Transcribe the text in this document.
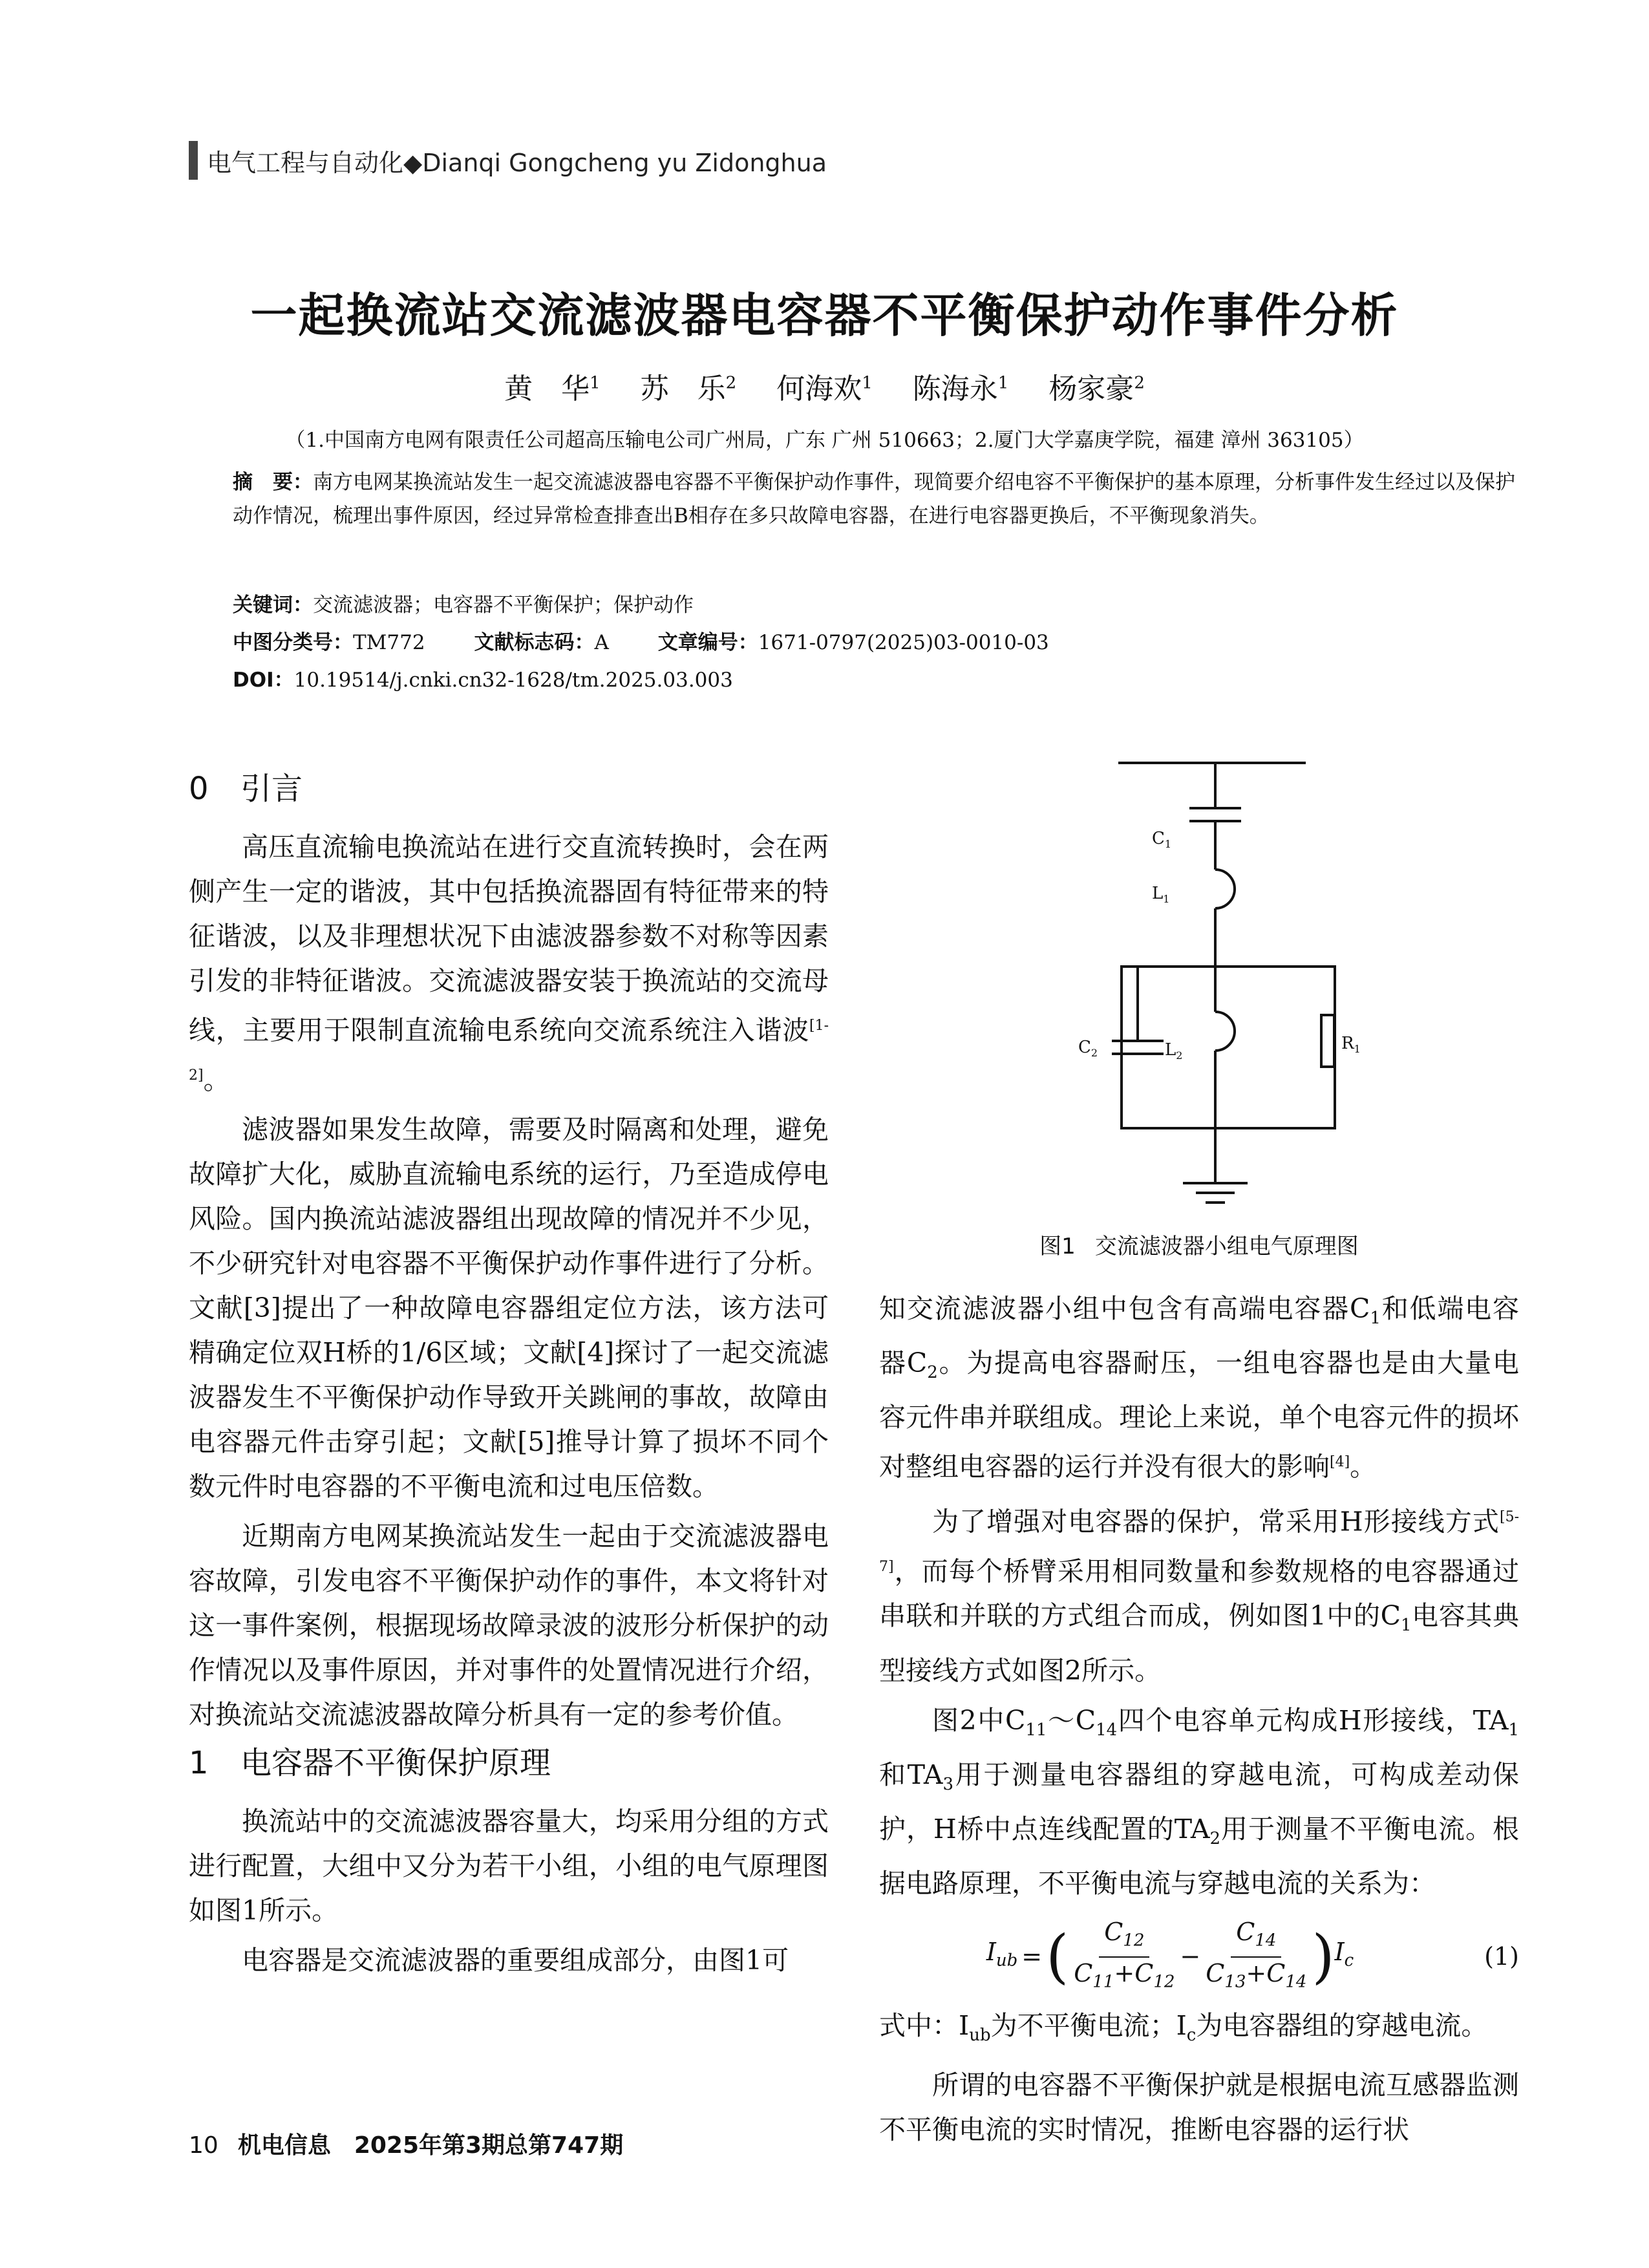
电气工程与自动化◆Dianqi Gongcheng yu Zidonghua
一起换流站交流滤波器电容器不平衡保护动作事件分析
黄　华$^1$ 苏　乐$^2$ 何海欢$^1$ 陈海永$^1$ 杨家豪$^2$
（1.中国南方电网有限责任公司超高压输电公司广州局，广东 广州 510663；2.厦门大学嘉庚学院，福建 漳州 363105）
摘　要：南方电网某换流站发生一起交流滤波器电容器不平衡保护动作事件，现简要介绍电容不平衡保护的基本原理，分析事件发生经过以及保护动作情况，梳理出事件原因，经过异常检查排查出B相存在多只故障电容器，在进行电容器更换后，不平衡现象消失。
关键词：交流滤波器；电容器不平衡保护；保护动作
中图分类号：TM772 文献标志码：A 文章编号：1671-0797(2025)03-0010-03
DOI：10.19514/j.cnki.cn32-1628/tm.2025.03.003
0 引言

高压直流输电换流站在进行交直流转换时，会在两侧产生一定的谐波，其中包括换流器固有特征带来的特征谐波，以及非理想状况下由滤波器参数不对称等因素引发的非特征谐波。交流滤波器安装于换流站的交流母线，主要用于限制直流输电系统向交流系统注入谐波[1-2]。

滤波器如果发生故障，需要及时隔离和处理，避免故障扩大化，威胁直流输电系统的运行，乃至造成停电风险。国内换流站滤波器组出现故障的情况并不少见，不少研究针对电容器不平衡保护动作事件进行了分析。文献[3]提出了一种故障电容器组定位方法，该方法可精确定位双H桥的1/6区域；文献[4]探讨了一起交流滤波器发生不平衡保护动作导致开关跳闸的事故，故障由电容器元件击穿引起；文献[5]推导计算了损坏不同个数元件时电容器的不平衡电流和过电压倍数。

近期南方电网某换流站发生一起由于交流滤波器电容故障，引发电容不平衡保护动作的事件，本文将针对这一事件案例，根据现场故障录波的波形分析保护的动作情况以及事件原因，并对事件的处置情况进行介绍，对换流站交流滤波器故障分析具有一定的参考价值。

1 电容器不平衡保护原理

换流站中的交流滤波器容量大，均采用分组的方式进行配置，大组中又分为若干小组，小组的电气原理图如图1所示。

电容器是交流滤波器的重要组成部分，由图1可

$C_1$
$L_1$
$C_2$	$L_2$
$R_1$
图1 交流滤波器小组电气原理图

知交流滤波器小组中包含有高端电容器$C_1$和低端电容器$C_2$。为提高电容器耐压，一组电容器也是由大量电容元件串并联组成。理论上来说，单个电容元件的损坏对整组电容器的运行并没有很大的影响[4]。

为了增强对电容器的保护，常采用H形接线方式[5-7]，而每个桥臂采用相同数量和参数规格的电容器通过串联和并联的方式组合而成，例如图1中的$C_1$电容其典型接线方式如图2所示。

图2中$C_{11}\sim C_{14}$四个电容单元构成H形接线，$TA_1$和$TA_3$用于测量电容器组的穿越电流，可构成差动保护，H桥中点连线配置的$TA_2$用于测量不平衡电流。根据电路原理，不平衡电流与穿越电流的关系为：

$I_{ub}$ = ( $\frac{C_{12}}{C_{11}+C_{12}} - \frac{C_{14}}{C_{13}+C_{14}}$ ) $I_c$	(1)

式中：$I_{ub}$为不平衡电流；$I_c$为电容器组的穿越电流。

所谓的电容器不平衡保护就是根据电流互感器监测不平衡电流的实时情况，推断电容器的运行状

10 机电信息　2025年第3期总第747期
